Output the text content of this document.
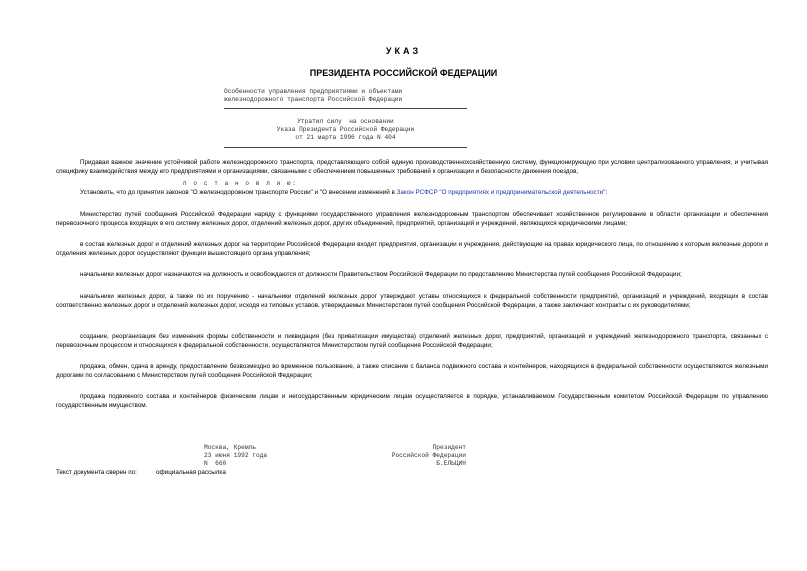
УКАЗ
ПРЕЗИДЕНТА РОССИЙСКОЙ ФЕДЕРАЦИИ
Особенности управления предприятиями и объектами
железнодорожного транспорта Российской Федерации
Утратил силу  на основании
Указа Президента Российской Федерации
от 21 марта 1996 года N 404

Придавая важное значение устойчивой работе железнодорожного транспорта, представляющего собой единую производственнохозяйственную систему, функционирующую при условии централизованного управления, и учитывая специфику взаимодействия между его предприятиями и организациями, связанными с обеспечением повышенных требований к организации и безопасности движения поездов,

п о с т а н о в л я ю:

Установить, что до принятия законов "О железнодорожном транспорте России" и "О внесении изменений в Закон РСФСР "О предприятиях и предпринимательской деятельности":

Министерство путей сообщения Российской Федерации наряду с функциями государственного управления железнодорожным транспортом обеспечивает хозяйственное регулирование в области организации и обеспечения перевозочного процесса входящих в его систему железных дорог, отделений железных дорог, других объединений, предприятий, организаций и учреждений, являющихся юридическими лицами;

в состав железных дорог и отделений железных дорог на территории Российской Федерации входят предприятия, организации и учреждения, действующие на правах юридического лица, по отношению к которым железные дороги и отделения железных дорог осуществляют функции вышестоящего органа управления;

начальники железных дорог назначаются на должность и освобождаются от должности Правительством Российской Федерации по представлению Министерства путей сообщения Российской Федерации;

начальники железных дорог, а также по их поручению - начальники отделений железных дорог утверждают уставы относящихся к федеральной собственности предприятий, организаций и учреждений, входящих в состав соответственно железных дорог и отделений железных дорог, исходя из типовых уставов, утверждаемых Министерством путей сообщения Российской Федерации, а также заключают контракты с их руководителями;

создание, реорганизация без изменения формы собственности и ликвидация (без приватизации имущества) отделений железных дорог, предприятий, организаций и учреждений железнодорожного транспорта, связанных с перевозочным процессом и относящихся к федеральной собственности, осуществляются Министерством путей сообщения Российской Федерации;

продажа, обмен, сдача в аренду, предоставление безвозмездно во временное пользование, а также списание с баланса подвижного состава и контейнеров, находящихся в федеральной собственности осуществляются железными дорогами по согласованию с Министерством путей сообщения Российской Федерации;

продажа подвижного состава и контейнеров физическим лицам и негосударственным юридическим лицам осуществляется в порядке, устанавливаемом Государственным комитетом Российской Федерации по управлению государственным имуществом.

Москва, Кремль
23 июня 1992 года
N  660
Президент
Российской Федерации
Б.ЕЛЬЦИН
Текст документа сверен по:	официальная рассылка
